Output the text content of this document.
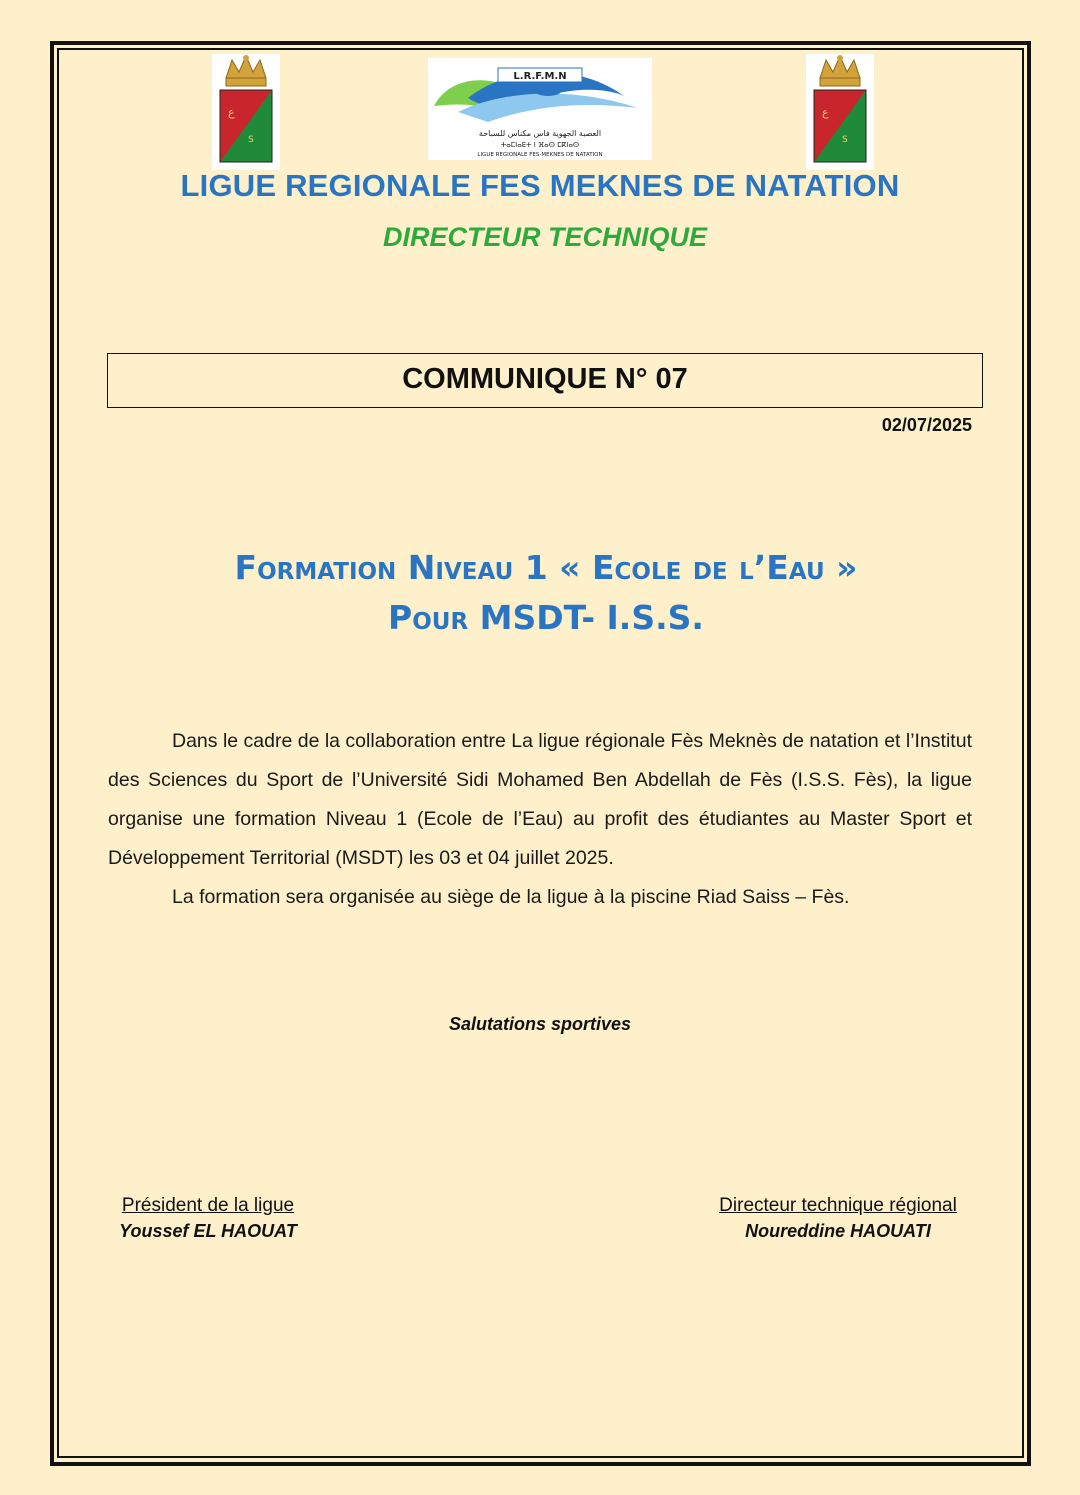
ع
S
L.R.F.M.N
العصبة الجهوية فاس مكناس للسباحة
ⵜⴰⵎⵏⴰⴹⵜ ⵏ ⴼⴰⵙ ⵎⴽⵏⴰⵙ
LIGUE REGIONALE FES-MEKNES DE NATATION
ع
S
LIGUE REGIONALE FES MEKNES DE NATATION
DIRECTEUR TECHNIQUE
COMMUNIQUE N° 07
02/07/2025
Formation Niveau 1 « Ecole de l’Eau »
Pour MSDT- I.S.S.

Dans le cadre de la collaboration entre La ligue régionale Fès Meknès de natation et l’Institut des Sciences du Sport de l’Université Sidi Mohamed Ben Abdellah de Fès (I.S.S. Fès), la ligue organise une formation Niveau 1 (Ecole de l’Eau) au profit des étudiantes au Master Sport et Développement Territorial (MSDT) les 03 et 04 juillet 2025.

La formation sera organisée au siège de la ligue à la piscine Riad Saiss – Fès.

Salutations sportives
Président de la ligue
Youssef EL HAOUAT
Directeur technique régional
Noureddine HAOUATI
